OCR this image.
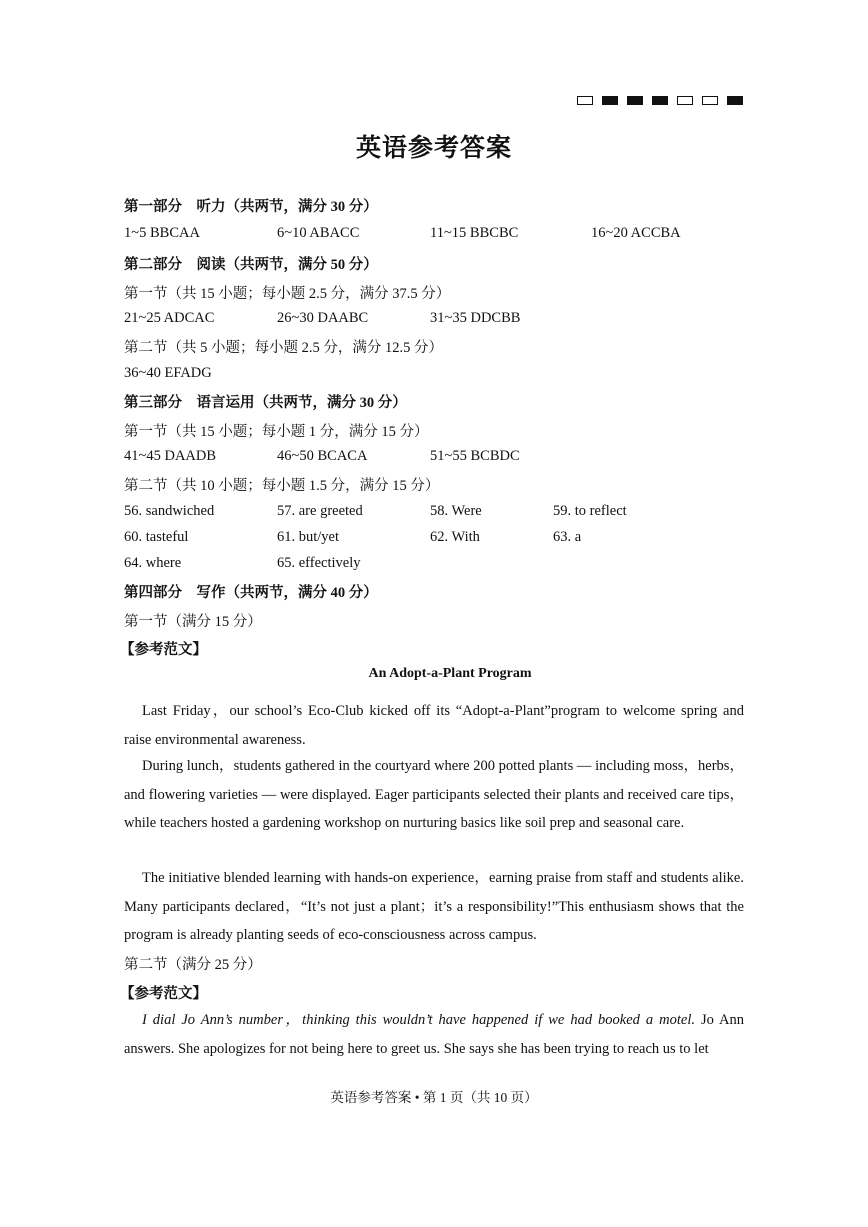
英语参考答案
第一部分　听力（共两节，满分 30 分）
1~5 BBCAA	6~10 ABACC	11~15 BBCBC	16~20 ACCBA
第二部分　阅读（共两节，满分 50 分）
第一节（共 15 小题；每小题 2.5 分，满分 37.5 分）
21~25 ADCAC	26~30 DAABC	31~35 DDCBB
第二节（共 5 小题；每小题 2.5 分，满分 12.5 分）
36~40 EFADG
第三部分　语言运用（共两节，满分 30 分）
第一节（共 15 小题；每小题 1 分，满分 15 分）
41~45 DAADB	46~50 BCACA	51~55 BCBDC
第二节（共 10 小题；每小题 1.5 分，满分 15 分）
56. sandwiched	57. are greeted	58. Were	59. to reflect
60. tasteful	61. but/yet	62. With	63. a
64. where	65. effectively
第四部分　写作（共两节，满分 40 分）
第一节（满分 15 分）
【参考范文】
An Adopt-a-Plant Program
Last Friday，our school’s Eco-Club kicked off its “Adopt-a-Plant”program to welcome spring and raise environmental awareness.
During lunch，students gathered in the courtyard where 200 potted plants — including moss，herbs，and flowering varieties — were displayed. Eager participants selected their plants and received care tips，while teachers hosted a gardening workshop on nurturing basics like soil prep and seasonal care.
The initiative blended learning with hands-on experience，earning praise from staff and students alike. Many participants declared，“It’s not just a plant；it’s a responsibility!”This enthusiasm shows that the program is already planting seeds of eco-consciousness across campus.
第二节（满分 25 分）
【参考范文】
I dial Jo Ann’s number，thinking this wouldn’t have happened if we had booked a motel. Jo Ann answers. She apologizes for not being here to greet us. She says she has been trying to reach us to let
英语参考答案 • 第 1 页（共 10 页）
